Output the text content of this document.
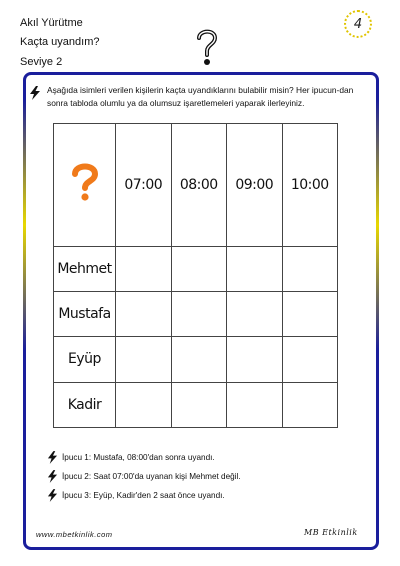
Akıl Yürütme
Kaçta uyandım?
Seviye 2
4
Aşağıda isimleri verilen kişilerin kaçta uyandıklarını bulabilir misin? Her ipucun-dan sonra tabloda olumlu ya da olumsuz işaretlemeleri yaparak ilerleyiniz.
	07:00	08:00	09:00	10:00
Mehmet				
Mustafa				
Eyüp				
Kadir				
İpucu 1: Mustafa, 08:00'dan sonra uyandı.
İpucu 2: Saat 07:00'da uyanan kişi Mehmet değil.
İpucu 3: Eyüp, Kadir'den 2 saat önce uyandı.
www.mbetkinlik.com	MB Etkinlik
